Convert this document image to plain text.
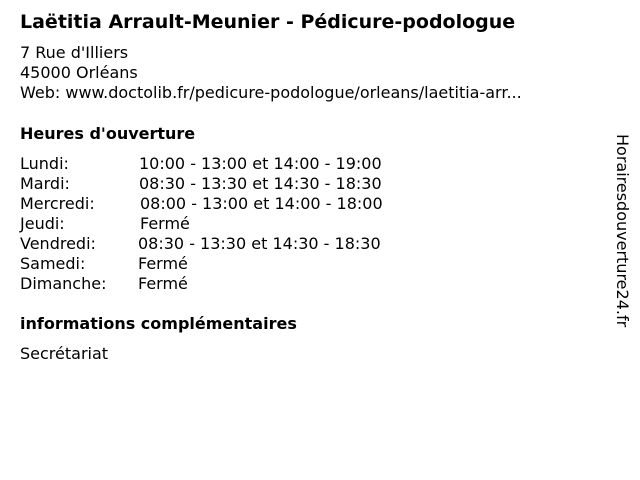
Laëtitia Arrault-Meunier - Pédicure-podologue
7 Rue d'Illiers
45000 Orléans
Web: www.doctolib.fr/pedicure-podologue/orleans/laetitia-arr...
Heures d'ouverture
Lundi:	10:00 - 13:00 et 14:00 - 19:00
Mardi:	08:30 - 13:30 et 14:30 - 18:30
Mercredi:	08:00 - 13:00 et 14:00 - 18:00
Jeudi:	Fermé
Vendredi:	08:30 - 13:30 et 14:30 - 18:30
Samedi:	Fermé
Dimanche: Fermé
informations complémentaires
Secrétariat
Horairesdouverture24.fr
